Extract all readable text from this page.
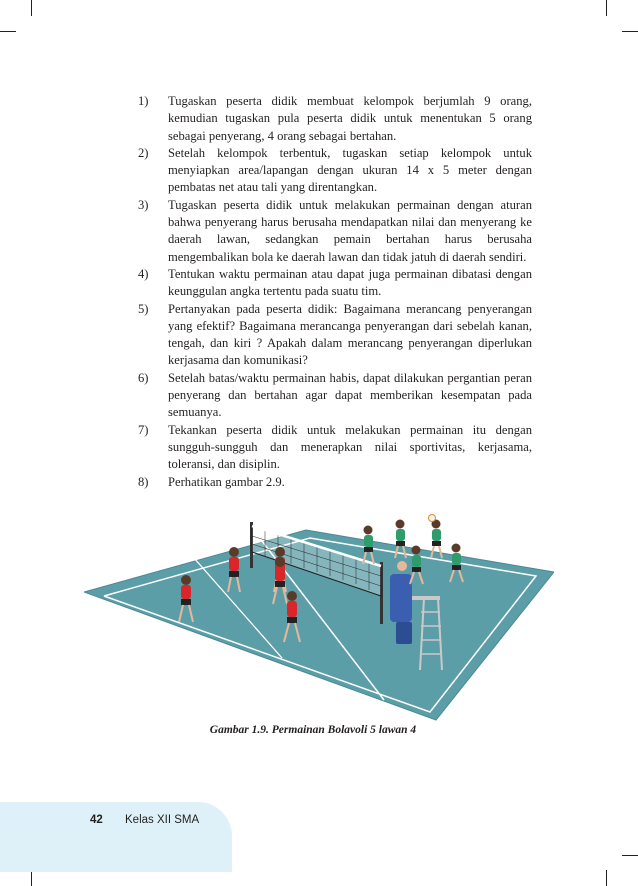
1) Tugaskan peserta didik membuat kelompok berjumlah 9 orang, kemudian tugaskan pula peserta didik untuk menentukan 5 orang sebagai penyerang, 4 orang sebagai bertahan.
2) Setelah kelompok terbentuk, tugaskan setiap kelompok untuk menyiapkan area/lapangan dengan ukuran 14 x 5 meter dengan pembatas net atau tali yang direntangkan.
3) Tugaskan peserta didik untuk melakukan permainan dengan aturan bahwa penyerang harus berusaha mendapatkan nilai dan menyerang ke daerah lawan, sedangkan pemain bertahan harus berusaha mengembalikan bola ke daerah lawan dan tidak jatuh di daerah sendiri.
4) Tentukan waktu permainan atau dapat juga permainan dibatasi dengan keunggulan angka tertentu pada suatu tim.
5) Pertanyakan pada peserta didik: Bagaimana merancang penyerangan yang efektif? Bagaimana merancanga penyerangan dari sebelah kanan, tengah, dan kiri ? Apakah dalam merancang penyerangan diperlukan kerjasama dan komunikasi?
6) Setelah batas/waktu permainan habis, dapat dilakukan pergantian peran penyerang dan bertahan agar dapat memberikan kesempatan pada semuanya.
7) Tekankan peserta didik untuk melakukan permainan itu dengan sungguh-sungguh dan menerapkan nilai sportivitas, kerjasama, toleransi, dan disiplin.
8) Perhatikan gambar 2.9.
Gambar 1.9. Permainan Bolavoli 5 lawan 4
42 Kelas XII SMA
